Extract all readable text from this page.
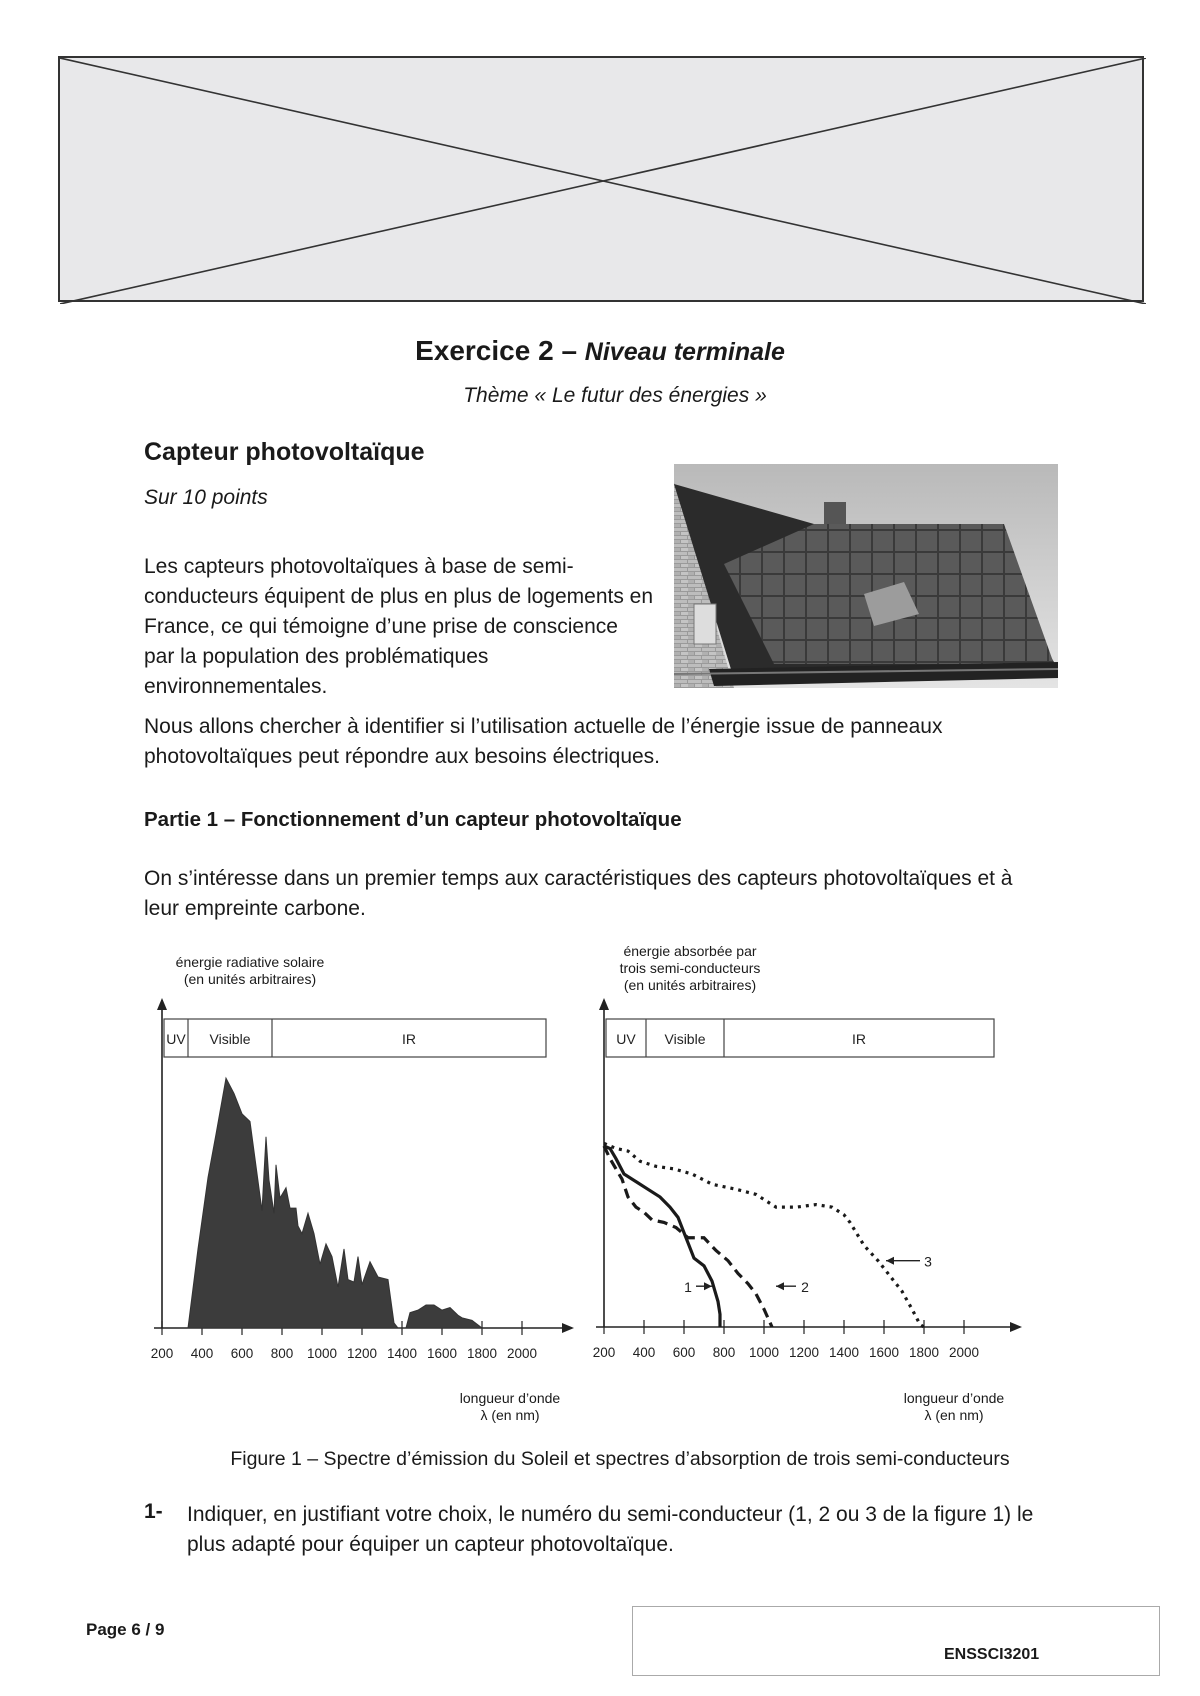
Exercice 2 – Niveau terminale
Thème « Le futur des énergies »
Capteur photovoltaïque
Sur 10 points
Les capteurs photovoltaïques à base de semi-conducteurs équipent de plus en plus de logements en France, ce qui témoigne d’une prise de conscience par la population des problématiques environnementales.
Nous allons chercher à identifier si l’utilisation actuelle de l’énergie issue de panneaux photovoltaïques peut répondre aux besoins électriques.
Partie 1 – Fonctionnement d’un capteur photovoltaïque
On s’intéresse dans un premier temps aux caractéristiques des capteurs photovoltaïques et à leur empreinte carbone.
énergie radiative solaire
(en unités arbitraires)
UV Visible	IR
200 400 600 800 1000 1200 1400 1600 1800 2000
longueur d’onde
λ (en nm)
énergie absorbée par
trois semi-conducteurs
(en unités arbitraires)
UV Visible	IR
200 400 600 800 1000 1200 1400 1600 1800 2000
1	2
3
longueur d’onde
λ (en nm)
Figure 1 – Spectre d’émission du Soleil et spectres d’absorption de trois semi-conducteurs
1- Indiquer, en justifiant votre choix, le numéro du semi-conducteur (1, 2 ou 3 de la figure 1) le plus adapté pour équiper un capteur photovoltaïque.
Page 6 / 9
ENSSCI3201
